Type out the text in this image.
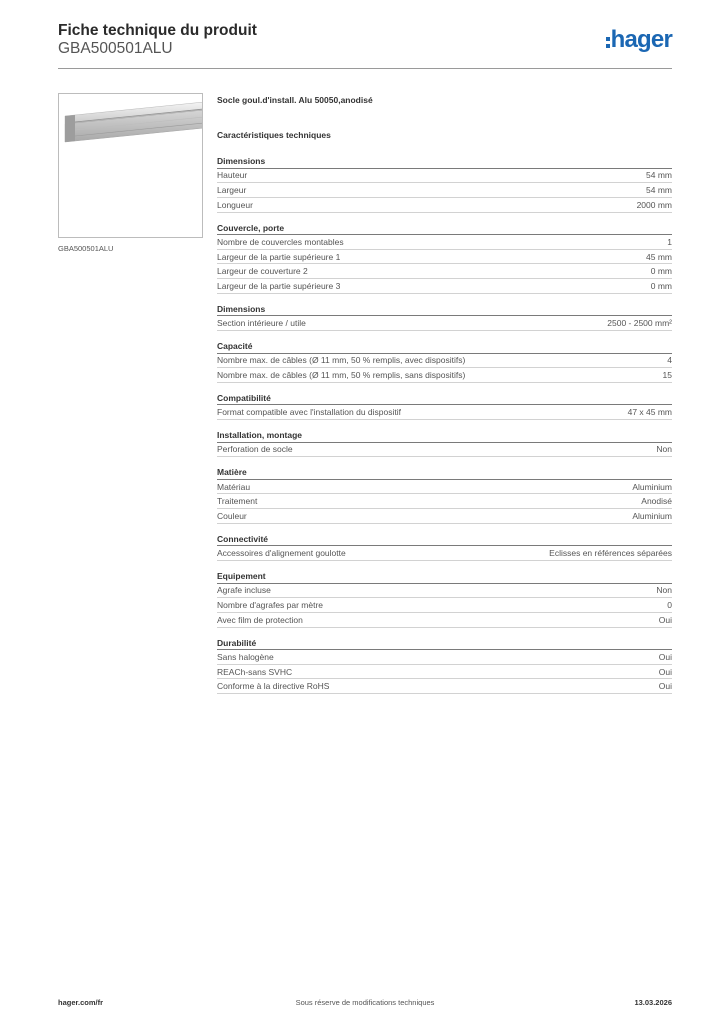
Fiche technique du produit
GBA500501ALU	hager
GBA500501ALU
Socle goul.d'install. Alu 50050,anodisé
Caractéristiques techniques
Dimensions
Hauteur	54 mm
Largeur	54 mm
Longueur	2000 mm
Couvercle, porte
Nombre de couvercles montables	1
Largeur de la partie supérieure 1	45 mm
Largeur de couverture 2	0 mm
Largeur de la partie supérieure 3	0 mm
Dimensions
Section intérieure / utile	2500 - 2500 mm²
Capacité
Nombre max. de câbles (Ø 11 mm, 50 % remplis, avec dispositifs)	4
Nombre max. de câbles (Ø 11 mm, 50 % remplis, sans dispositifs)	15
Compatibilité
Format compatible avec l'installation du dispositif	47 x 45 mm
Installation, montage
Perforation de socle	Non
Matière
Matériau	Aluminium
Traitement	Anodisé
Couleur	Aluminium
Connectivité
Accessoires d'alignement goulotte	Eclisses en références séparées
Equipement
Agrafe incluse	Non
Nombre d'agrafes par mètre	0
Avec film de protection	Oui
Durabilité
Sans halogène	Oui
REACh-sans SVHC	Oui
Conforme à la directive RoHS	Oui
hager.com/fr	Sous réserve de modifications techniques	13.03.2026
